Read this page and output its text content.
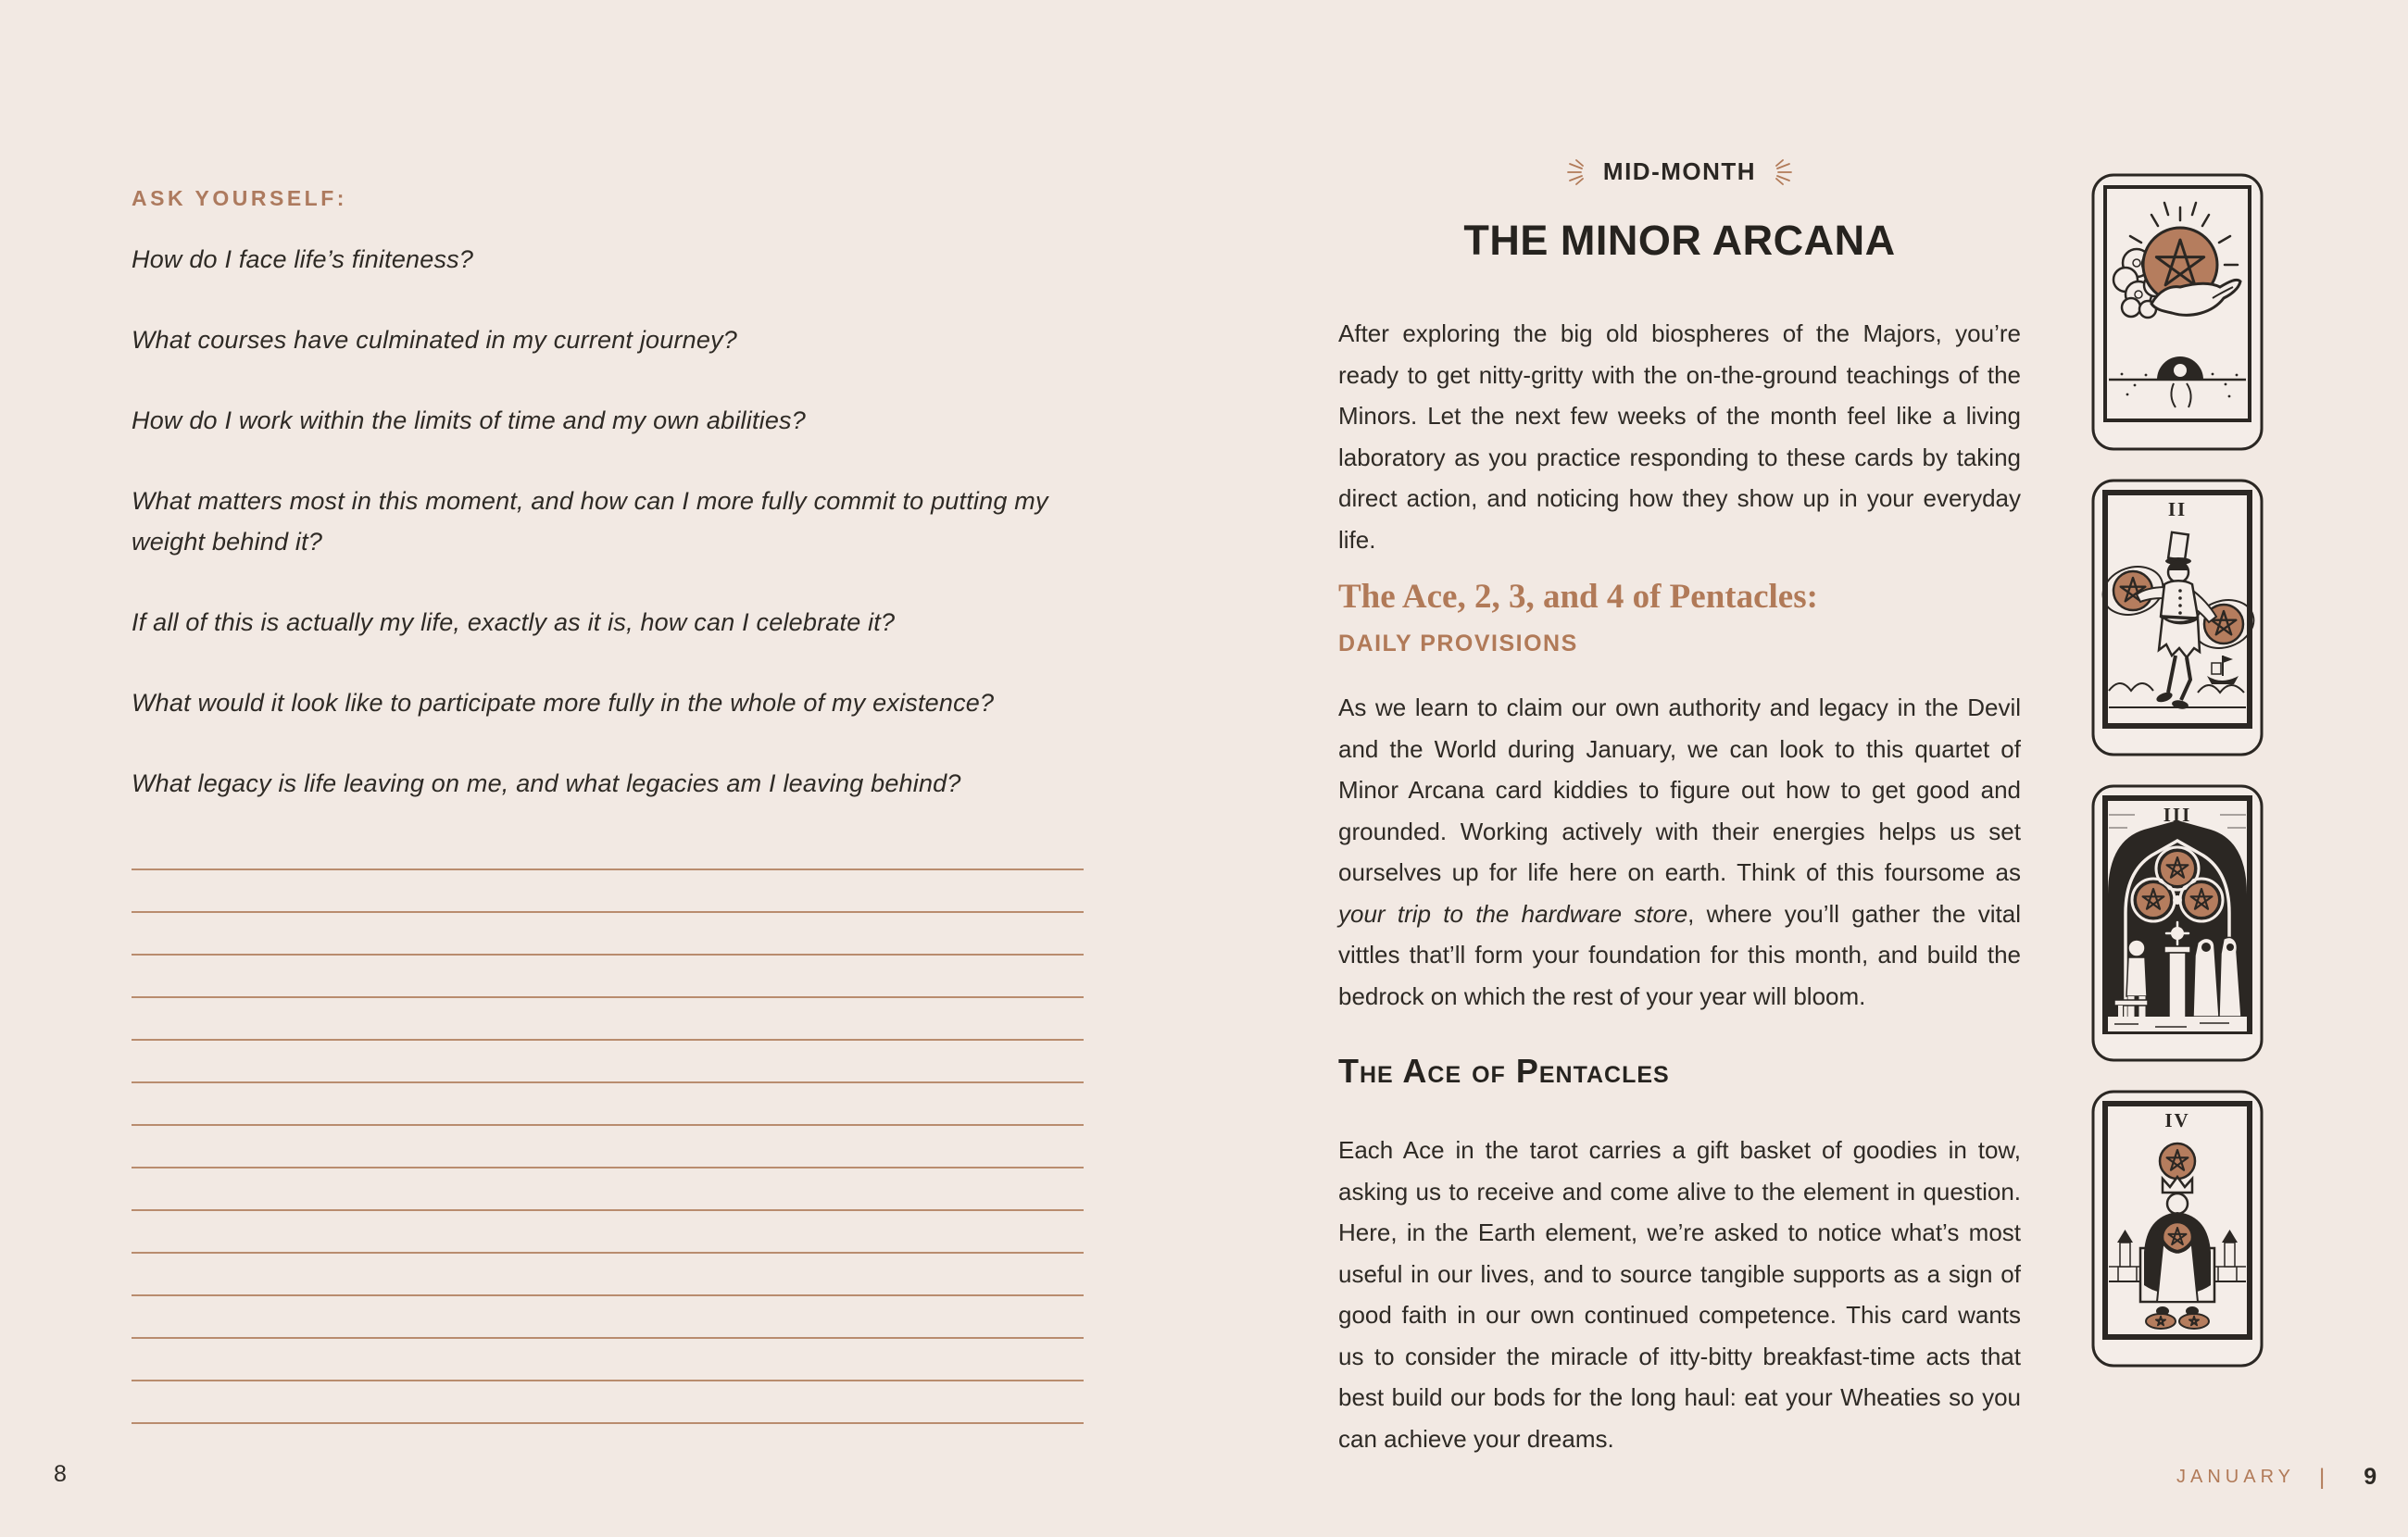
ASK YOURSELF:

How do I face life’s finiteness?

What courses have culminated in my current journey?

How do I work within the limits of time and my own abilities?

What matters most in this moment, and how can I more fully commit to putting my weight behind it?

If all of this is actually my life, exactly as it is, how can I celebrate it?

What would it look like to participate more fully in the whole of my existence?

What legacy is life leaving on me, and what legacies am I leaving behind?

8
MID-MONTH
THE MINOR ARCANA

After exploring the big old biospheres of the Majors, you’re ready to get nitty-gritty with the on-the-ground teachings of the Minors. Let the next few weeks of the month feel like a living laboratory as you practice responding to these cards by taking direct action, and noticing how they show up in your everyday life.

The Ace, 2, 3, and 4 of Pentacles:
DAILY PROVISIONS

As we learn to claim our own authority and legacy in the Devil and the World during January, we can look to this quartet of Minor Arcana card kiddies to figure out how to get good and grounded. Working actively with their energies helps us set ourselves up for life here on earth. Think of this foursome as your trip to the hardware store, where you’ll gather the vital vittles that’ll form your foundation for this month, and build the bedrock on which the rest of your year will bloom.

The Ace of Pentacles

Each Ace in the tarot carries a gift basket of goodies in tow, asking us to receive and come alive to the element in question. Here, in the Earth element, we’re asked to notice what’s most useful in our lives, and to source tangible supports as a sign of good faith in our own continued competence. This card wants us to consider the miracle of itty-bitty breakfast-time acts that best build our bods for the long haul: eat your Wheaties so you can achieve your dreams.

II
III
IV
JANUARY | 9
